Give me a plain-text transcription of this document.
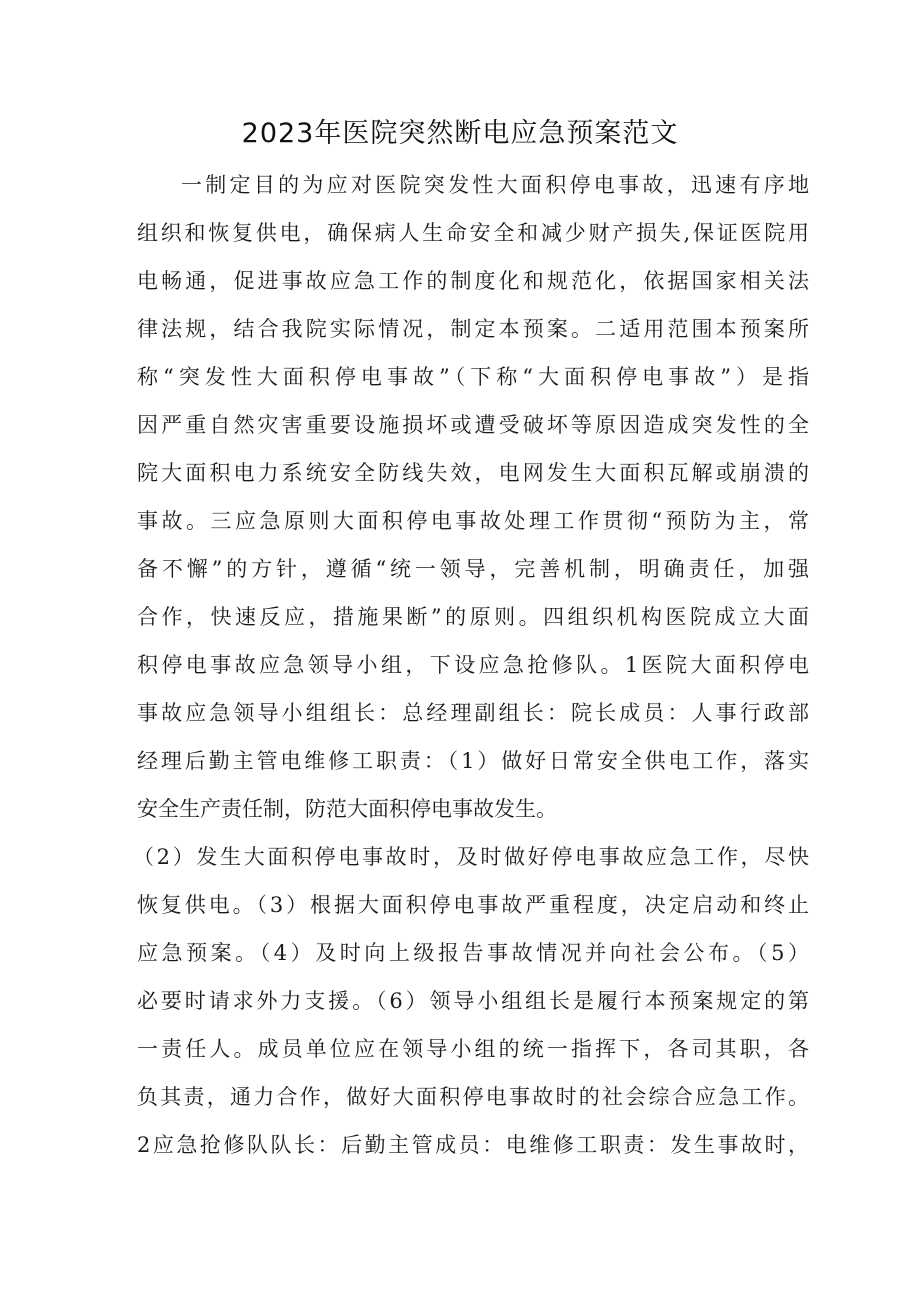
2023年医院突然断电应急预案范文
一制定目的为应对医院突发性大面积停电事故，迅速有序地
组织和恢复供电，确保病人生命安全和减少财产损失,保证医院用
电畅通，促进事故应急工作的制度化和规范化，依据国家相关法
律法规，结合我院实际情况，制定本预案。二适用范围本预案所
称“突发性大面积停电事故”（下称“大面积停电事故”）是指
因严重自然灾害重要设施损坏或遭受破坏等原因造成突发性的全
院大面积电力系统安全防线失效，电网发生大面积瓦解或崩溃的
事故。三应急原则大面积停电事故处理工作贯彻“预防为主，常
备不懈”的方针，遵循“统一领导，完善机制，明确责任，加强
合作，快速反应，措施果断”的原则。四组织机构医院成立大面
积停电事故应急领导小组，下设应急抢修队。1医院大面积停电
事故应急领导小组组长：总经理副组长：院长成员：人事行政部
经理后勤主管电维修工职责：（1）做好日常安全供电工作，落实
安全生产责任制，防范大面积停电事故发生。
（2）发生大面积停电事故时，及时做好停电事故应急工作，尽快
恢复供电。（3）根据大面积停电事故严重程度，决定启动和终止
应急预案。（4）及时向上级报告事故情况并向社会公布。（5）
必要时请求外力支援。（6）领导小组组长是履行本预案规定的第
一责任人。成员单位应在领导小组的统一指挥下，各司其职，各
负其责，通力合作，做好大面积停电事故时的社会综合应急工作。
2应急抢修队队长：后勤主管成员：电维修工职责：发生事故时，
